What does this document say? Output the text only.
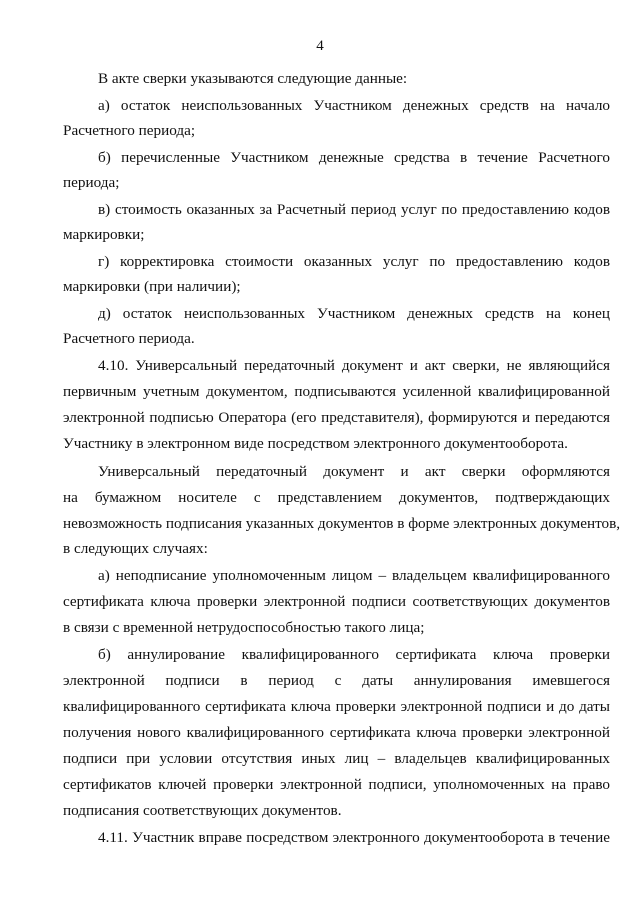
4
В акте сверки указываются следующие данные:
а) остаток неиспользованных Участником денежных средств на начало
Расчетного периода;
б) перечисленные Участником денежные средства в течение Расчетного
периода;
в) стоимость оказанных за Расчетный период услуг по предоставлению кодов
маркировки;
г) корректировка стоимости оказанных услуг по предоставлению кодов
маркировки (при наличии);
д) остаток неиспользованных Участником денежных средств на конец
Расчетного периода.
4.10. Универсальный передаточный документ и акт сверки, не являющийся
первичным учетным документом, подписываются усиленной квалифицированной
электронной подписью Оператора (его представителя), формируются и передаются
Участнику в электронном виде посредством электронного документооборота.
Универсальный передаточный документ и акт сверки оформляются
на бумажном носителе с представлением документов, подтверждающих
невозможность подписания указанных документов в форме электронных документов,
в следующих случаях:
а) неподписание уполномоченным лицом – владельцем квалифицированного
сертификата ключа проверки электронной подписи соответствующих документов
в связи с временной нетрудоспособностью такого лица;
б) аннулирование квалифицированного сертификата ключа проверки
электронной подписи в период с даты аннулирования имевшегося
квалифицированного сертификата ключа проверки электронной подписи и до даты
получения нового квалифицированного сертификата ключа проверки электронной
подписи при условии отсутствия иных лиц – владельцев квалифицированных
сертификатов ключей проверки электронной подписи, уполномоченных на право
подписания соответствующих документов.
4.11. Участник вправе посредством электронного документооборота в течение
